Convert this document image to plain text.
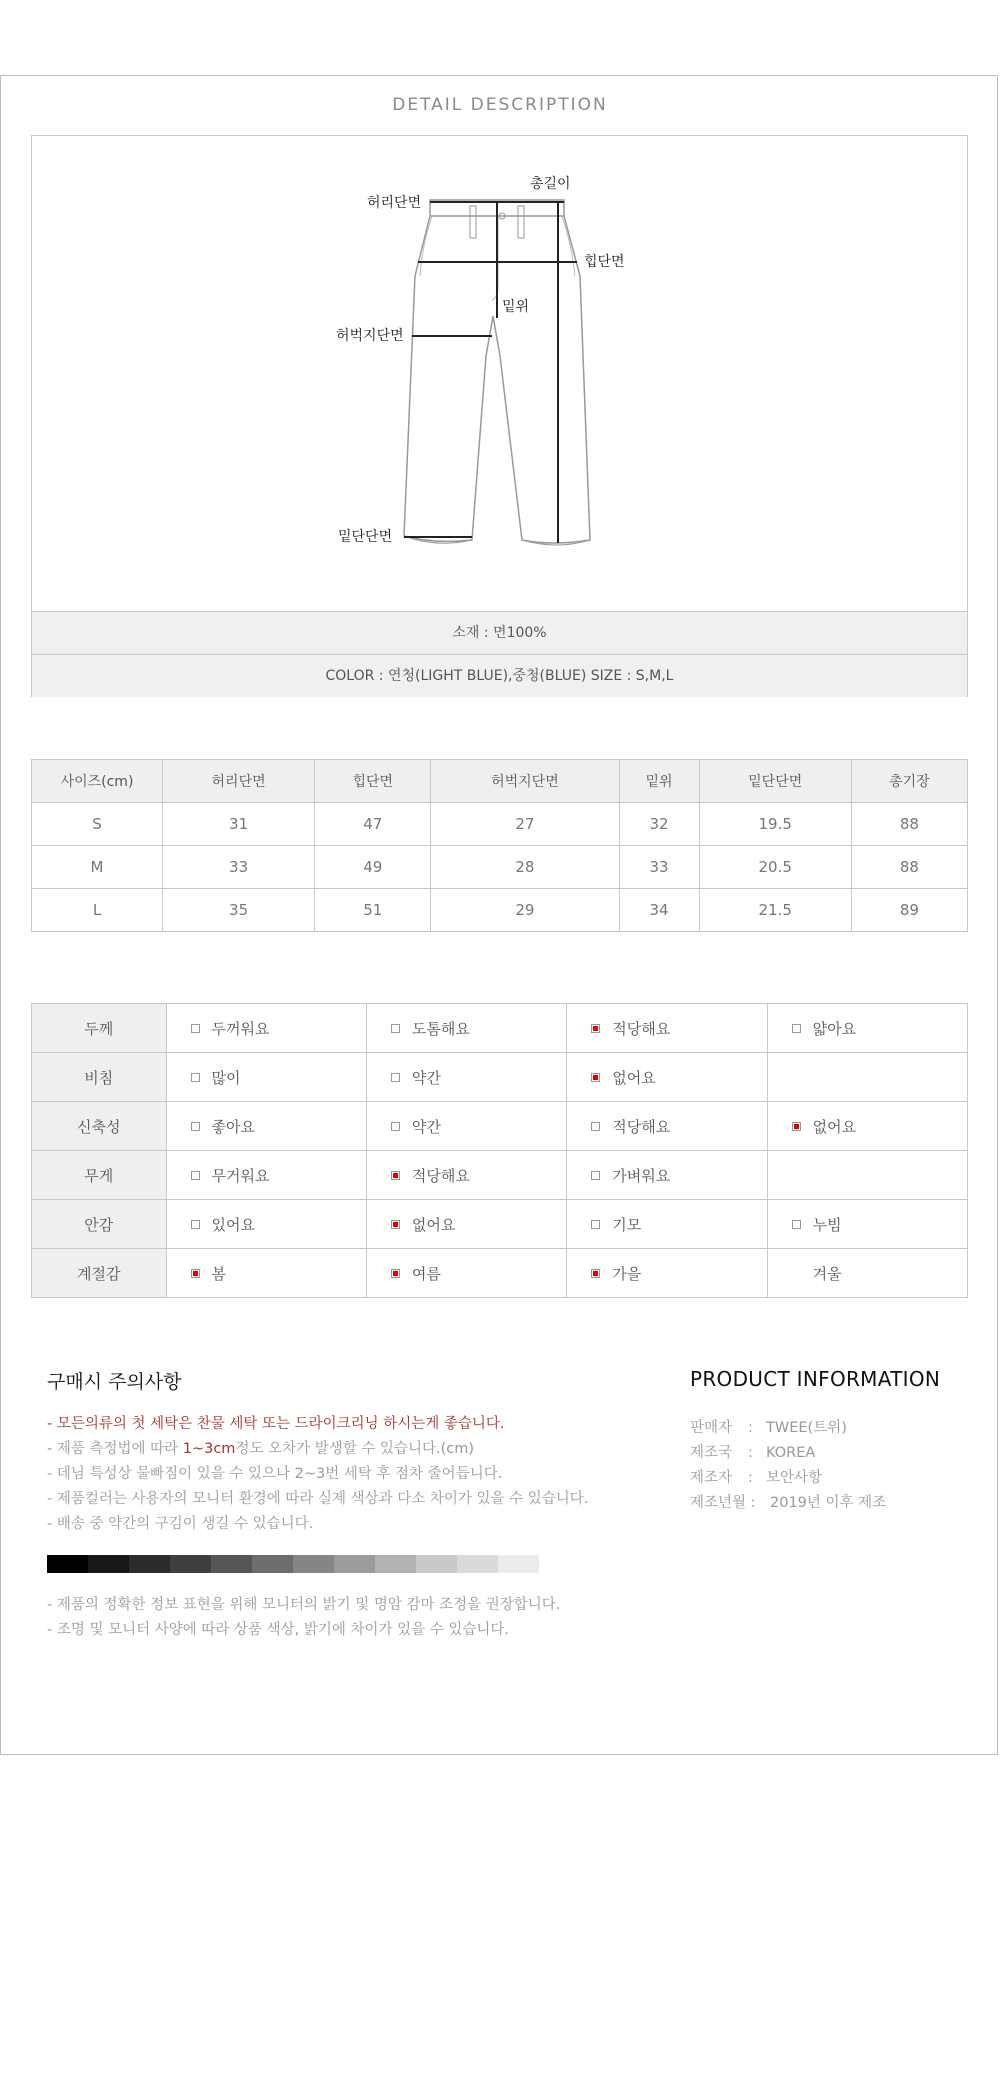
DETAIL DESCRIPTION
허리단면
총길이
힙단면
밑위
허벅지단면
밑단단면
소재 : 면100%
COLOR : 연청(LIGHT BLUE),중청(BLUE) SIZE : S,M,L
사이즈(cm)	허리단면	힙단면	허벅지단면	밑위	밑단단면	총기장
S	31	47	27	32	19.5	88
M	33	49	28	33	20.5	88
L	35	51	29	34	21.5	89
두께	두꺼워요	도톰해요	적당해요	얇아요
비침	많이	약간	없어요	
신축성	좋아요	약간	적당해요	없어요
무게	무거워요	적당해요	가벼워요	
안감	있어요	없어요	기모	누빔
계절감	봄	여름	가을	겨울
구매시 주의사항
- 모든의류의 첫 세탁은 찬물 세탁 또는 드라이크리닝 하시는게 좋습니다.
- 제품 측정법에 따라 1~3cm정도 오차가 발생할 수 있습니다.(cm)
- 데님 특성상 물빠짐이 있을 수 있으나 2~3번 세탁 후 점차 줄어듭니다.
- 제품컬러는 사용자의 모니터 환경에 따라 실제 색상과 다소 차이가 있을 수 있습니다.
- 배송 중 약간의 구김이 생길 수 있습니다.
- 제품의 정확한 정보 표현을 위해 모니터의 밝기 및 명암 감마 조정을 권장합니다.
- 조명 및 모니터 사양에 따라 상품 색상, 밝기에 차이가 있을 수 있습니다.
PRODUCT INFORMATION
판매자 : TWEE(트위)
제조국 : KOREA
제조자 : 보안사항
제조년월 : 2019년 이후 제조
